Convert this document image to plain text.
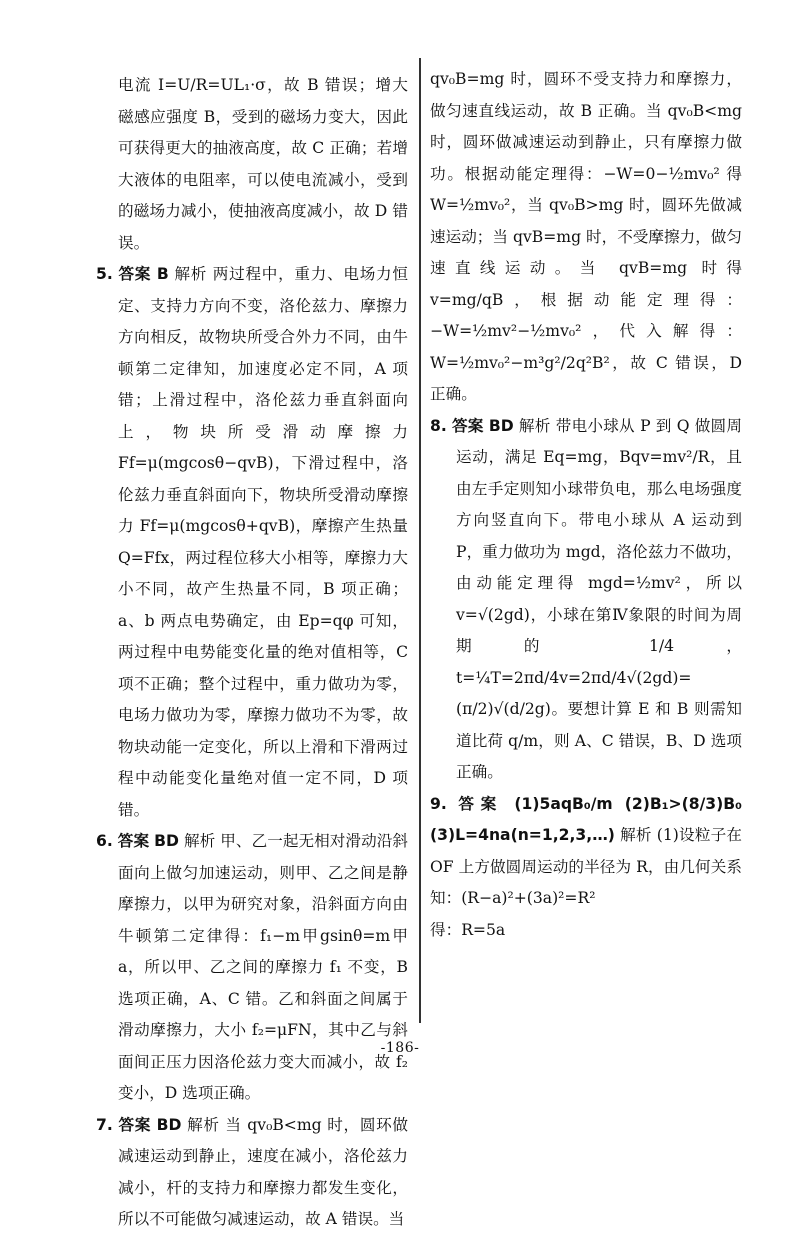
电流 I=U/R=UL₁·σ，故 B 错误；增大磁感应强度 B，受到的磁场力变大，因此可获得更大的抽液高度，故 C 正确；若增大液体的电阻率，可以使电流减小，受到的磁场力减小，使抽液高度减小，故 D 错误。

5. 答案 B 解析 两过程中，重力、电场力恒定、支持力方向不变，洛伦兹力、摩擦力方向相反，故物块所受合外力不同，由牛顿第二定律知，加速度必定不同，A 项错；上滑过程中，洛伦兹力垂直斜面向上，物块所受滑动摩擦力 Ff=μ(mgcosθ−qvB)，下滑过程中，洛伦兹力垂直斜面向下，物块所受滑动摩擦力 Ff=μ(mgcosθ+qvB)，摩擦产生热量 Q=Ffx，两过程位移大小相等，摩擦力大小不同，故产生热量不同，B 项正确；a、b 两点电势确定，由 Ep=qφ 可知，两过程中电势能变化量的绝对值相等，C 项不正确；整个过程中，重力做功为零，电场力做功为零，摩擦力做功不为零，故物块动能一定变化，所以上滑和下滑两过程中动能变化量绝对值一定不同，D 项错。

6. 答案 BD 解析 甲、乙一起无相对滑动沿斜面向上做匀加速运动，则甲、乙之间是静摩擦力，以甲为研究对象，沿斜面方向由牛顿第二定律得：f₁−m甲gsinθ=m甲a，所以甲、乙之间的摩擦力 f₁ 不变，B 选项正确，A、C 错。乙和斜面之间属于滑动摩擦力，大小 f₂=μFN，其中乙与斜面间正压力因洛伦兹力变大而减小，故 f₂ 变小，D 选项正确。

7. 答案 BD 解析 当 qv₀B<mg 时，圆环做减速运动到静止，速度在减小，洛伦兹力减小，杆的支持力和摩擦力都发生变化，所以不可能做匀减速运动，故 A 错误。当

qv₀B=mg 时，圆环不受支持力和摩擦力，做匀速直线运动，故 B 正确。当 qv₀B<mg 时，圆环做减速运动到静止，只有摩擦力做功。根据动能定理得：−W=0−½mv₀² 得 W=½mv₀²，当 qv₀B>mg 时，圆环先做减速运动；当 qvB=mg 时，不受摩擦力，做匀速直线运动。当 qvB=mg 时得 v=mg/qB，根据动能定理得：−W=½mv²−½mv₀²，代入解得：W=½mv₀²−m³g²/2q²B²，故 C 错误，D 正确。

8. 答案 BD 解析 带电小球从 P 到 Q 做圆周运动，满足 Eq=mg，Bqv=mv²/R，且由左手定则知小球带负电，那么电场强度方向竖直向下。带电小球从 A 运动到 P，重力做功为 mgd，洛伦兹力不做功，由动能定理得 mgd=½mv²，所以 v=√(2gd)，小球在第Ⅳ象限的时间为周期的 1/4，t=¼T=2πd/4v=2πd/4√(2gd)=(π/2)√(d/2g)。要想计算 E 和 B 则需知道比荷 q/m，则 A、C 错误，B、D 选项正确。

9. 答案 (1)5aqB₀/m (2)B₁>(8/3)B₀ (3)L=4na(n=1,2,3,…) 解析 (1)设粒子在 OF 上方做圆周运动的半径为 R，由几何关系知：(R−a)²+(3a)²=R²

得：R=5a

-186-
